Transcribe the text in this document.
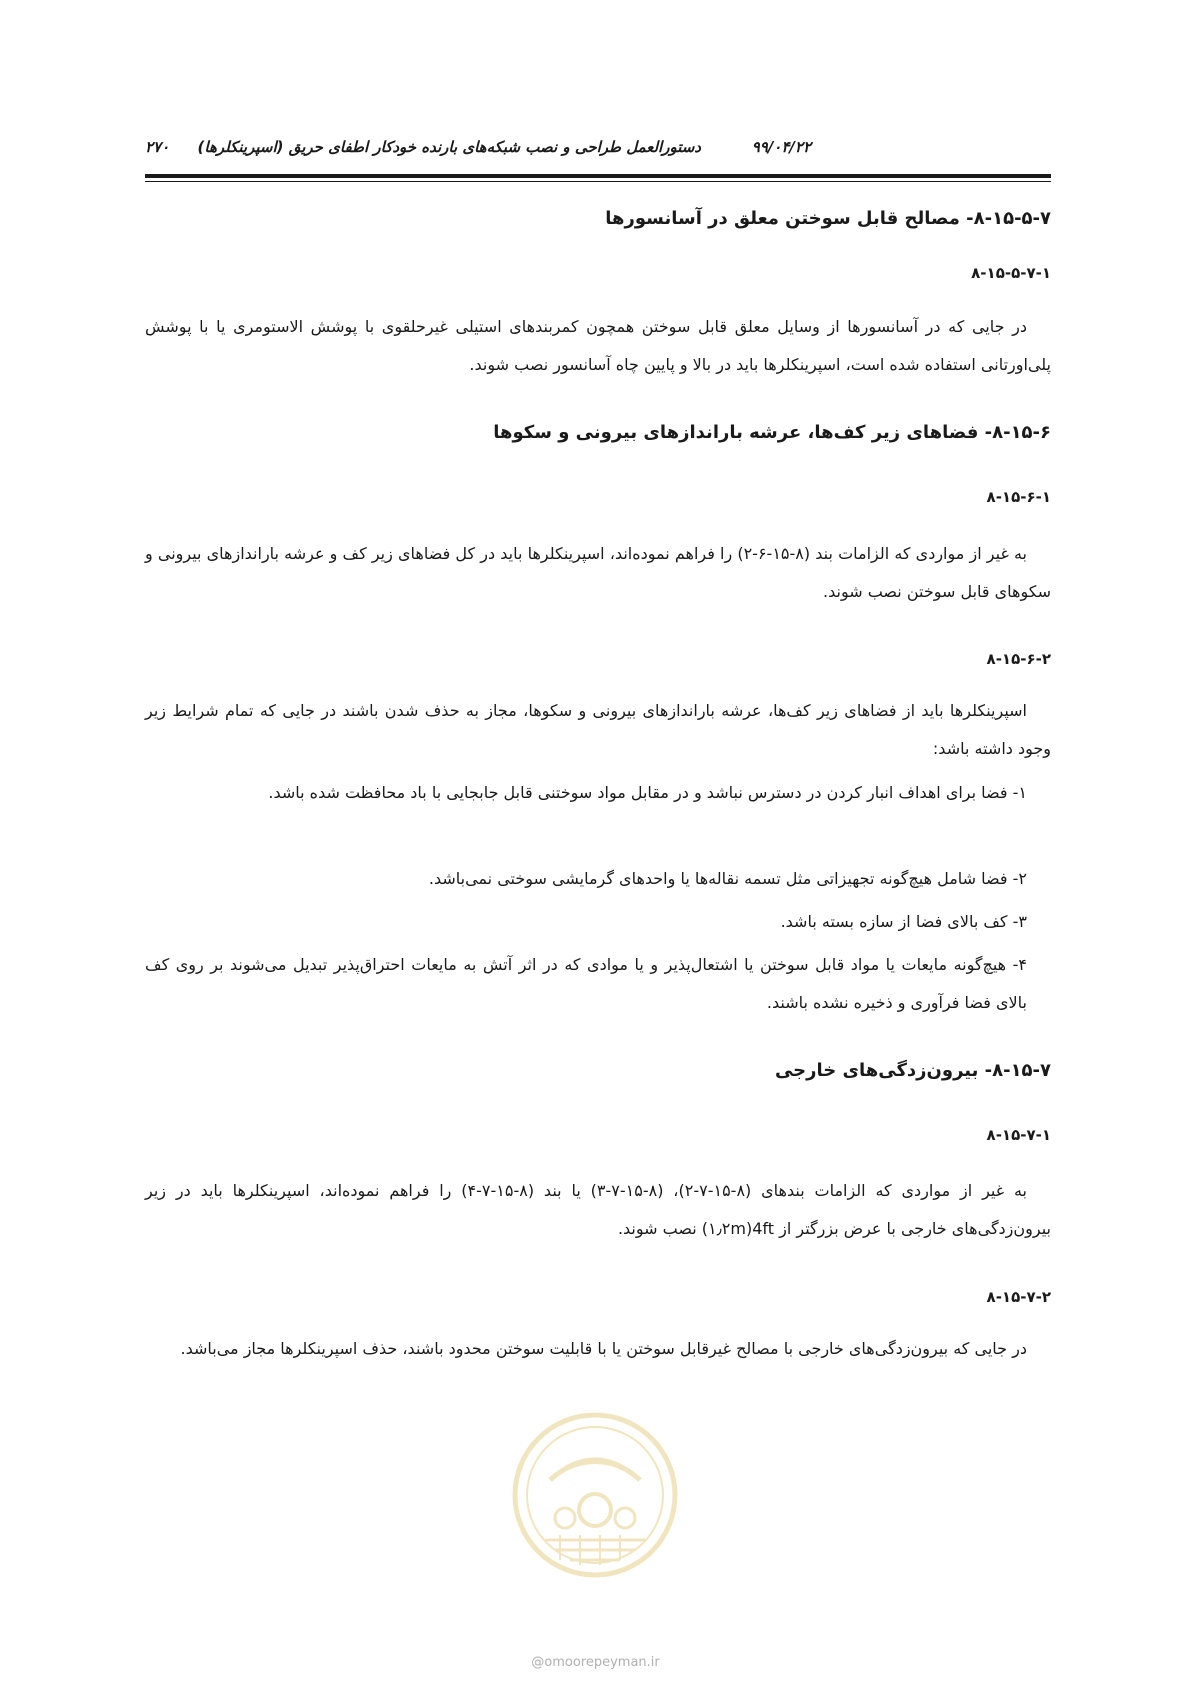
دستورالعمل طراحی و نصب شبکه‌های بارنده خودکار اطفای حریق (اسپرینکلرها)	۹۹/۰۴/۲۲
۲۷۰
۸-۱۵-۵-۷- مصالح قابل سوختن معلق در آسانسورها
۸-۱۵-۵-۷-۱
در جایی که در آسانسورها از وسایل معلق قابل سوختن همچون کمربندهای استیلی غیرحلقوی با پوشش الاستومری یا با پوشش پلی‌اورتانی استفاده شده است، اسپرینکلرها باید در بالا و پایین چاه آسانسور نصب شوند.
۸-۱۵-۶- فضاهای زیر کف‌ها، عرشه باراندازهای بیرونی و سکوها
۸-۱۵-۶-۱
به غیر از مواردی که الزامات بند (۸-۱۵-۶-۲) را فراهم نموده‌اند، اسپرینکلرها باید در کل فضاهای زیر کف و عرشه باراندازهای بیرونی و سکوهای قابل سوختن نصب شوند.
۸-۱۵-۶-۲
اسپرینکلرها باید از فضاهای زیر کف‌ها، عرشه باراندازهای بیرونی و سکوها، مجاز به حذف شدن باشند در جایی که تمام شرایط زیر وجود داشته باشد:
۱- فضا برای اهداف انبار کردن در دسترس نباشد و در مقابل مواد سوختنی قابل جابجایی با باد محافظت شده باشد.
۲- فضا شامل هیچ‌گونه تجهیزاتی مثل تسمه نقاله‌ها یا واحدهای گرمایشی سوختی نمی‌باشد.
۳- کف بالای فضا از سازه بسته باشد.
۴- هیچ‌گونه مایعات یا مواد قابل سوختن یا اشتعال‌پذیر و یا موادی که در اثر آتش به مایعات احتراق‌پذیر تبدیل می‌شوند بر روی کف بالای فضا فرآوری و ذخیره نشده باشند.
۸-۱۵-۷- بیرون‌زدگی‌های خارجی
۸-۱۵-۷-۱
به غیر از مواردی که الزامات بندهای (۸-۱۵-۷-۲)، (۸-۱۵-۷-۳) یا بند (۸-۱۵-۷-۴) را فراهم نموده‌اند، اسپرینکلرها باید در زیر بیرون‌زدگی‌های خارجی با عرض بزرگتر از 4ft(۱٫۲m) نصب شوند.
۸-۱۵-۷-۲
در جایی که بیرون‌زدگی‌های خارجی با مصالح غیرقابل سوختن یا با قابلیت سوختن محدود باشند، حذف اسپرینکلرها مجاز می‌باشد.
@omoorepeyman.ir
